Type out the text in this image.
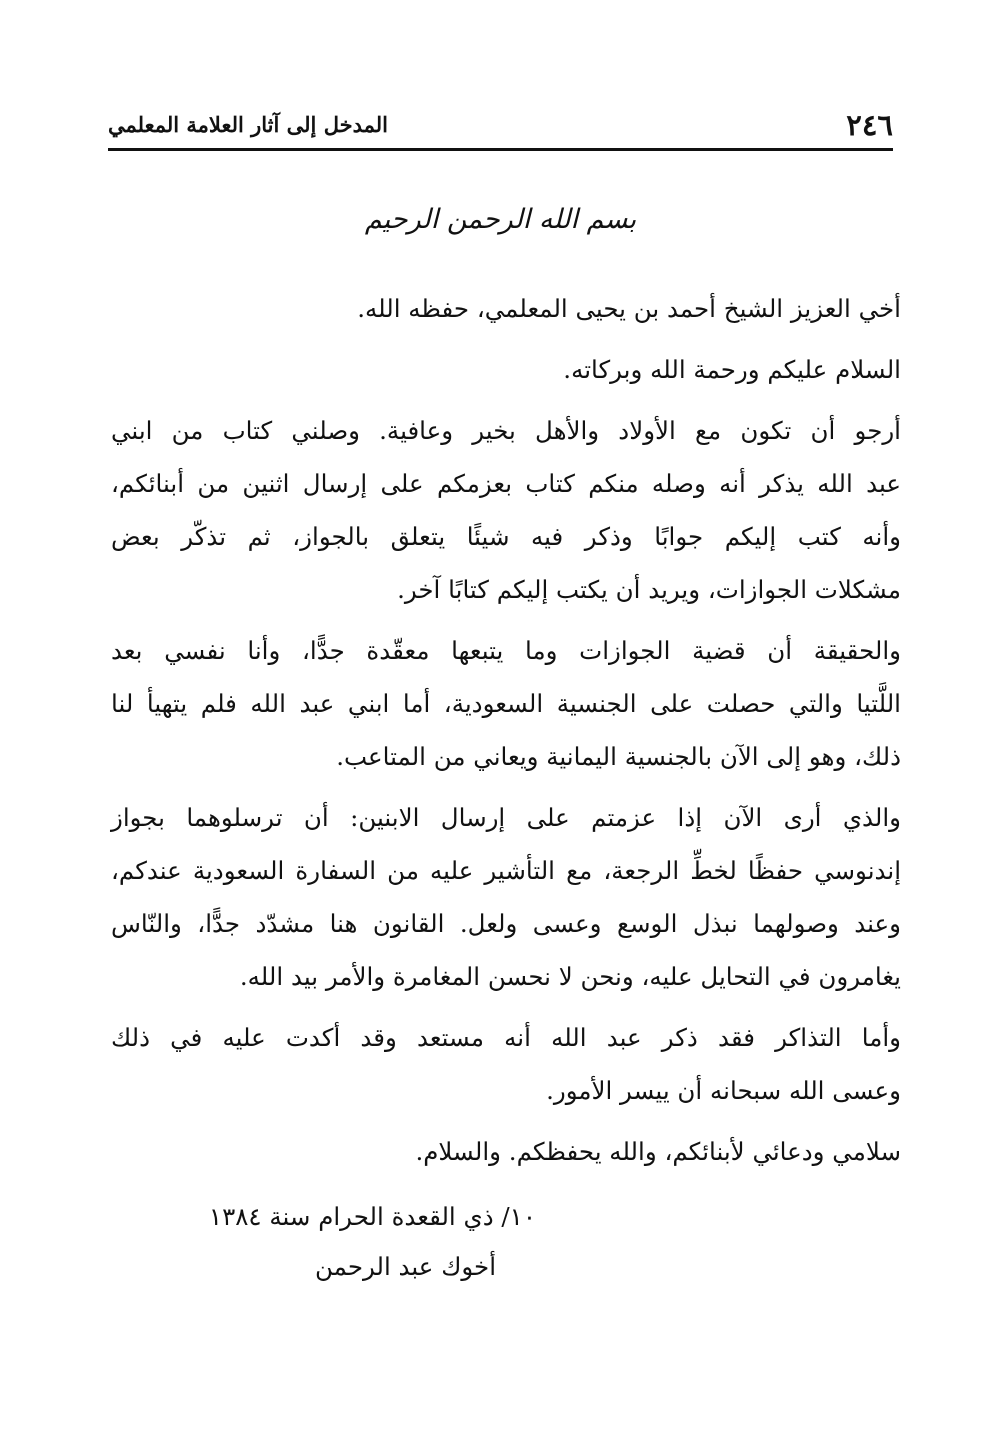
٢٤٦
المدخل إلى آثار العلامة المعلمي
بسم الله الرحمن الرحيم
أخي العزيز الشيخ أحمد بن يحيى المعلمي، حفظه الله.
السلام عليكم ورحمة الله وبركاته.
أرجو أن تكون مع الأولاد والأهل بخير وعافية. وصلني كتاب من ابني
عبد الله يذكر أنه وصله منكم كتاب بعزمكم على إرسال اثنين من أبنائكم،
وأنه كتب إليكم جوابًا وذكر فيه شيئًا يتعلق بالجواز، ثم تذكّر بعض
مشكلات الجوازات، ويريد أن يكتب إليكم كتابًا آخر.
والحقيقة أن قضية الجوازات وما يتبعها معقّدة جدًّا، وأنا نفسي بعد
اللَّتيا والتي حصلت على الجنسية السعودية، أما ابني عبد الله فلم يتهيأ لنا
ذلك، وهو إلى الآن بالجنسية اليمانية ويعاني من المتاعب.
والذي أرى الآن إذا عزمتم على إرسال الابنين: أن ترسلوهما بجواز
إندنوسي حفظًا لخطِّ الرجعة، مع التأشير عليه من السفارة السعودية عندكم،
وعند وصولهما نبذل الوسع وعسى ولعل. القانون هنا مشدّد جدًّا، والنّاس
يغامرون في التحايل عليه، ونحن لا نحسن المغامرة والأمر بيد الله.
وأما التذاكر فقد ذكر عبد الله أنه مستعد وقد أكدت عليه في ذلك
وعسى الله سبحانه أن ييسر الأمور.
سلامي ودعائي لأبنائكم، والله يحفظكم. والسلام.
١٠/ ذي القعدة الحرام سنة ١٣٨٤
أخوك عبد الرحمن
